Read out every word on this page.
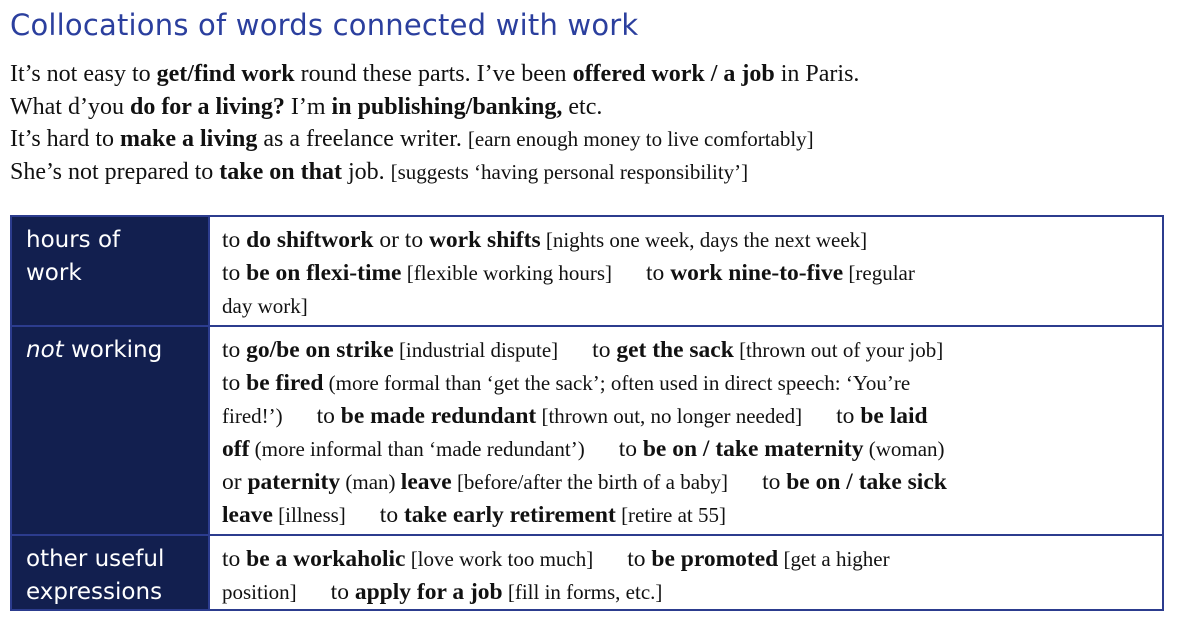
Collocations of words connected with work
It’s not easy to get/find work round these parts. I’ve been offered work / a job in Paris.
What d’you do for a living? I’m in publishing/banking, etc.
It’s hard to make a living as a freelance writer. [earn enough money to live comfortably]
She’s not prepared to take on that job. [suggests ‘having personal responsibility’]
hours of
work
to do shiftwork or to work shifts [nights one week, days the next week]
to be on flexi-time [flexible working hours] to work nine-to-five [regular
day work]
not working	to go/be on strike [industrial dispute] to get the sack [thrown out of your job]
to be fired (more formal than ‘get the sack’; often used in direct speech: ‘You’re
fired!’) to be made redundant [thrown out, no longer needed] to be laid
off (more informal than ‘made redundant’) to be on / take maternity (woman)
or paternity (man) leave [before/after the birth of a baby] to be on / take sick
leave [illness] to take early retirement [retire at 55]
other useful
expressions
to be a workaholic [love work too much] to be promoted [get a higher
position] to apply for a job [fill in forms, etc.]
